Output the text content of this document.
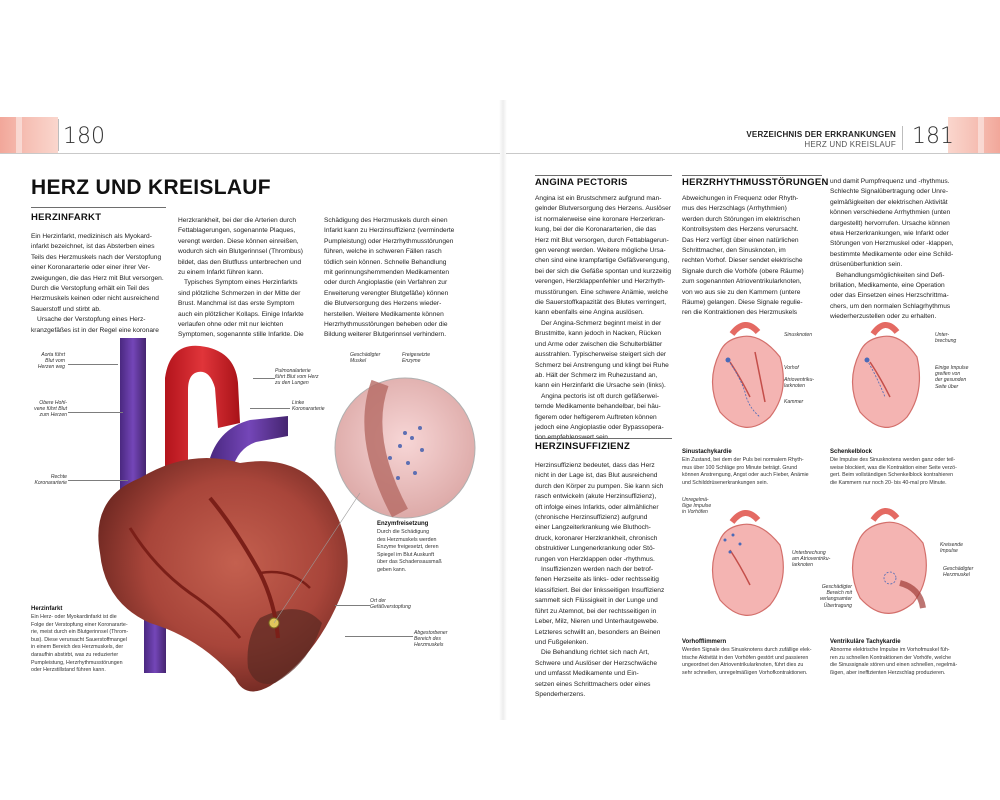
180	181
VERZEICHNIS DER ERKRANKUNGEN
HERZ UND KREISLAUF
HERZ UND KREISLAUF
HERZINFARKT

Ein Herzinfarkt, medizinisch als Myokard-

infarkt bezeichnet, ist das Absterben eines

Teils des Herzmuskels nach der Verstopfung

einer Koronararterie oder einer ihrer Ver-

zweigungen, die das Herz mit Blut versorgen.

Durch die Verstopfung erhält ein Teil des

Herzmuskels keinen oder nicht ausreichend

Sauerstoff und stirbt ab.

Ursache der Verstopfung eines Herz-

kranzgefäßes ist in der Regel eine koronare

Herzkrankheit, bei der die Arterien durch

Fettablagerungen, sogenannte Plaques,

verengt werden. Diese können einreißen,

wodurch sich ein Blutgerinnsel (Thrombus)

bildet, das den Blutfluss unterbrechen und

zu einem Infarkt führen kann.

Typisches Symptom eines Herzinfarkts

sind plötzliche Schmerzen in der Mitte der

Brust. Manchmal ist das erste Symptom

auch ein plötzlicher Kollaps. Einige Infarkte

verlaufen ohne oder mit nur leichten

Symptomen, sogenannte stille Infarkte. Die

Schädigung des Herzmuskels durch einen

Infarkt kann zu Herzinsuffizienz (verminderte

Pumpleistung) oder Herzrhythmusstörungen

führen, welche in schweren Fällen rasch

tödlich sein können. Schnelle Behandlung

mit gerinnungshemmenden Medikamenten

oder durch Angioplastie (ein Verfahren zur

Erweiterung verengter Blutgefäße) können

die Blutversorgung des Herzens wieder-

herstellen. Weitere Medikamente können

Herzrhythmusstörungen beheben oder die

Bildung weiterer Blutgerinnsel verhindern.

Aorta führt
Blut vom
Herzen weg
Obere Hohl-
vene führt Blut
zum Herzen
Rechte
Koronararterie
Pulmonalarterie
führt Blut vom Herz
zu den Lungen
Linke
Koronararterie
Geschädigter
Muskel
Freigesetzte
Enzyme
Ort der
Gefäßverstopfung
Abgestorbener
Bereich des
Herzmuskels
Enzymfreisetzung

Durch die Schädigung

des Herzmuskels werden

Enzyme freigesetzt, deren

Spiegel im Blut Auskunft

über das Schadensausmaß

geben kann.

Herzinfarkt

Ein Herz- oder Myokardinfarkt ist die

Folge der Verstopfung einer Koronararte-

rie, meist durch ein Blutgerinnsel (Throm-

bus). Diese verursacht Sauerstoffmangel

in einem Bereich des Herzmuskels, der

daraufhin abstirbt, was zu reduzierter

Pumpleistung, Herzrhythmusstörungen

oder Herzstillstand führen kann.

ANGINA PECTORIS

Angina ist ein Brustschmerz aufgrund man-

gelnder Blutversorgung des Herzens. Auslöser

ist normalerweise eine koronare Herzerkran-

kung, bei der die Koronararterien, die das

Herz mit Blut versorgen, durch Fettablagerun-

gen verengt werden. Weitere mögliche Ursa-

chen sind eine krampfartige Gefäßverengung,

bei der sich die Gefäße spontan und kurzzeitig

verengen, Herzklappenfehler und Herzrhyth-

musstörungen. Eine schwere Anämie, welche

die Sauerstoffkapazität des Blutes verringert,

kann ebenfalls eine Angina auslösen.

Der Angina-Schmerz beginnt meist in der

Brustmitte, kann jedoch in Nacken, Rücken

und Arme oder zwischen die Schulterblätter

ausstrahlen. Typischerweise steigert sich der

Schmerz bei Anstrengung und klingt bei Ruhe

ab. Hält der Schmerz im Ruhezustand an,

kann ein Herzinfarkt die Ursache sein (links).

Angina pectoris ist oft durch gefäßerwei-

ternde Medikamente behandelbar, bei häu-

figerem oder heftigerem Auftreten können

jedoch eine Angioplastie oder Bypassopera-

HERZINSUFFIZIENZ

Herzinsuffizienz bedeutet, dass das Herz

nicht in der Lage ist, das Blut ausreichend

durch den Körper zu pumpen. Sie kann sich

rasch entwickeln (akute Herzinsuffizienz),

oft infolge eines Infarkts, oder allmählicher

(chronische Herzinsuffizienz) aufgrund

einer Langzeiterkrankung wie Bluthoch-

druck, koronarer Herzkrankheit, chronisch

obstruktiver Lungenerkrankung oder Stö-

rungen von Herzklappen oder -rhythmus.

Insuffizienzen werden nach der betrof-

fenen Herzseite als links- oder rechtsseitig

klassifiziert. Bei der linksseitigen Insuffizienz

sammelt sich Flüssigkeit in der Lunge und

führt zu Atemnot, bei der rechtsseitigen in

Leber, Milz, Nieren und Unterhautgewebe.

Letzteres schwillt an, besonders an Beinen

und Fußgelenken.

Die Behandlung richtet sich nach Art,

Schwere und Auslöser der Herzschwäche

und umfasst Medikamente und Ein-

setzen eines Schrittmachers oder eines

Spenderherzens.

HERZRHYTHMUSSTÖRUNGEN

Abweichungen in Frequenz oder Rhyth-

mus des Herzschlags (Arrhythmien)

werden durch Störungen im elektrischen

Kontrollsystem des Herzens verursacht.

Das Herz verfügt über einen natürlichen

Schrittmacher, den Sinusknoten, im

rechten Vorhof. Dieser sendet elektrische

Signale durch die Vorhöfe (obere Räume)

zum sogenannten Atrioventrikularknoten,

von wo aus sie zu den Kammern (untere

Räume) gelangen. Diese Signale regulie-

ren die Kontraktionen des Herzmuskels

und damit Pumpfrequenz und -rhythmus.

Schlechte Signalübertragung oder Unre-

gelmäßigkeiten der elektrischen Aktivität

können verschiedene Arrhythmien (unten

dargestellt) hervorrufen. Ursache können

etwa Herzerkrankungen, wie Infarkt oder

Störungen von Herzmuskel oder -klappen,

bestimmte Medikamente oder eine Schild-

drüsenüberfunktion sein.

Behandlungsmöglichkeiten sind Defi-

brillation, Medikamente, eine Operation

oder das Einsetzen eines Herzschrittma-

chers, um den normalen Schlagrhythmus

wiederherzustellen oder zu erhalten.

Sinusknoten
Vorhof
Atrioventriku-
larknoten
Kammer
Unter-
brechung
Einige Impulse
greifen von
der gesunden
Seite über
Unregelmä-
ßige Impulse
in Vorhöfen
Unterbrechung
am Atrioventriku-
larknoten
Kreisende
Impulse
Geschädigter
Herzmuskel
Geschädigter
Bereich mit
verlangsamter
Übertragung
Sinustachykardie

Ein Zustand, bei dem der Puls bei normalem Rhyth-

mus über 100 Schläge pro Minute beträgt. Grund

können Anstrengung, Angst oder auch Fieber, Anämie

und Schilddrüsenerkrankungen sein.

Schenkelblock

Die Impulse des Sinusknotens werden ganz oder teil-

weise blockiert, was die Kontraktion einer Seite verzö-

gert. Beim vollständigen Schenkelblock kontrahieren

die Kammern nur noch 20- bis 40-mal pro Minute.

Vorhofflimmern

Werden Signale des Sinusknotens durch zufällige elek-

trische Aktivität in den Vorhöfen gestört und passieren

ungeordnet den Atrioventrikularknoten, führt dies zu

sehr schnellen, unregelmäßigen Vorhofkontraktionen.

Ventrikuläre Tachykardie

Abnorme elektrische Impulse im Vorhofmuskel füh-

ren zu schnellen Kontraktionen der Vorhöfe, welche

die Sinussignale stören und einen schnellen, regelmä-

ßigen, aber ineffizienten Herzschlag produzieren.
